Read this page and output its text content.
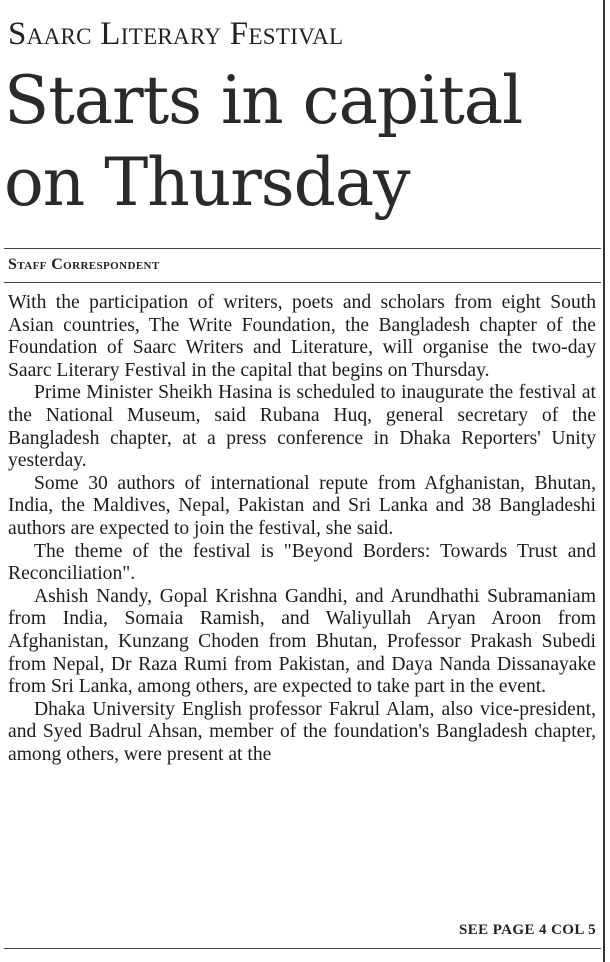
Saarc Literary Festival
Starts in capital on Thursday
Staff Correspondent

With the participation of writers, poets and scholars from eight South Asian countries, The Write Foundation, the Bangladesh chapter of the Foundation of Saarc Writers and Literature, will organise the two-day Saarc Literary Festival in the capital that begins on Thursday.

Prime Minister Sheikh Hasina is scheduled to inaugurate the festival at the National Museum, said Rubana Huq, general secretary of the Bangladesh chapter, at a press conference in Dhaka Reporters' Unity yesterday.

Some 30 authors of international repute from Afghanistan, Bhutan, India, the Maldives, Nepal, Pakistan and Sri Lanka and 38 Bangladeshi authors are expected to join the festival, she said.

The theme of the festival is "Beyond Borders: Towards Trust and Reconciliation".

Ashish Nandy, Gopal Krishna Gandhi, and Arundhathi Subramaniam from India, Somaia Ramish, and Waliyullah Aryan Aroon from Afghanistan, Kunzang Choden from Bhutan, Professor Prakash Subedi from Nepal, Dr Raza Rumi from Pakistan, and Daya Nanda Dissanayake from Sri Lanka, among others, are expected to take part in the event.

Dhaka University English professor Fakrul Alam, also vice-president, and Syed Badrul Ahsan, member of the foundation's Bangladesh chapter, among others, were present at the

SEE PAGE 4 COL 5
